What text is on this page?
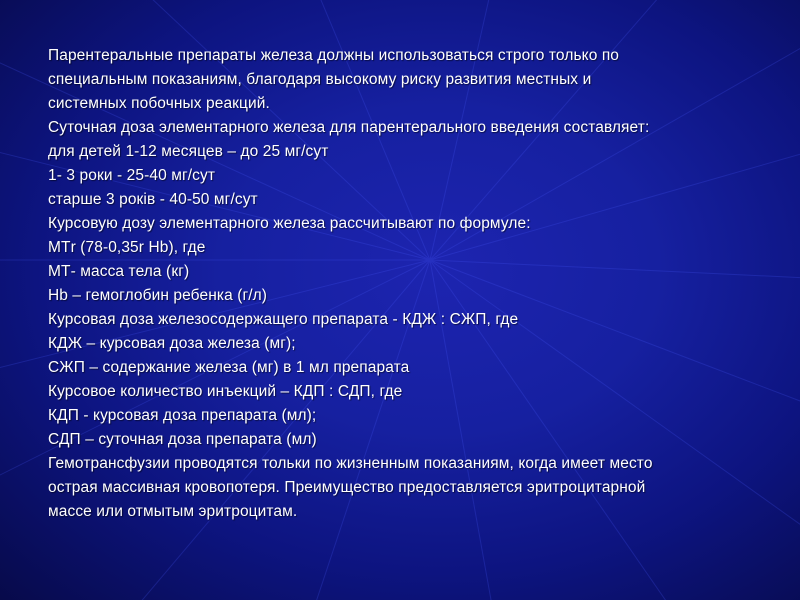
Парентеральные препараты железа должны использоваться строго только по
специальным показаниям, благодаря высокому риску развития местных и
системных побочных реакций.
Суточная доза элементарного железа для парентерального введения составляет:
для детей 1-12 месяцев – до 25 мг/сут
1- 3 роки - 25-40 мг/сут
старше 3 років - 40-50 мг/сут
Курсовую дозу элементарного железа рассчитывают по формуле:
МТr (78-0,35r Hb), где
МТ- масса тела (кг)
Hb – гемоглобин ребенка (г/л)
Курсовая доза железосодержащего препарата - КДЖ : СЖП, где
КДЖ – курсовая доза железа (мг);
СЖП – содержание железа (мг) в 1 мл препарата
Курсовое количество инъекций – КДП : СДП, где
КДП - курсовая доза препарата (мл);
СДП – суточная доза препарата (мл)
Гемотрансфузии проводятся тольки по жизненным показаниям, когда имеет место
острая массивная кровопотеря. Преимущество предоставляется эритроцитарной
массе или отмытым эритроцитам.
